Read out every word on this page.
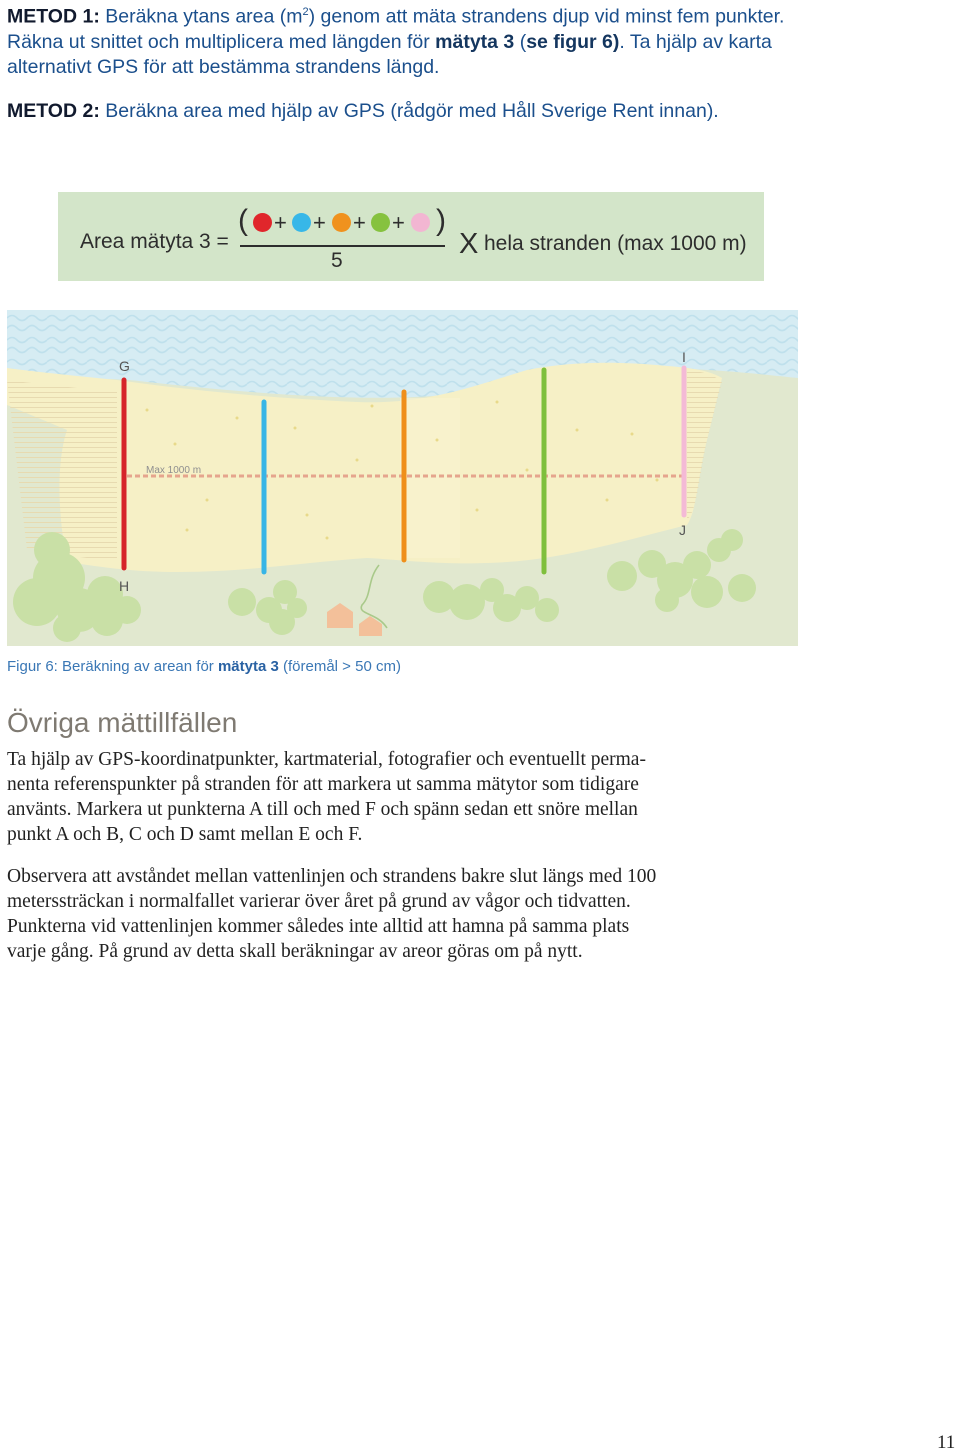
METOD 1: Beräkna ytans area $(m^2)$ genom att mäta strandens djup vid minst fem punkter. Räkna ut snittet och multiplicera med längden för mätyta 3 (se figur 6). Ta hjälp av karta alternativt GPS för att bestämma strandens längd.
METOD 2: Beräkna area med hjälp av GPS (rådgör med Håll Sverige Rent innan).
Area mätyta 3 =
( + + + + )
5
X hela stranden (max 1000 m)
Max 1000 m
G
H
I
J
Figur 6: Beräkning av arean för mätyta 3 (föremål > 50 cm)
Övriga mättillfällen
Ta hjälp av GPS-koordinatpunkter, kartmaterial, fotografier och eventuellt perma-
nenta referenspunkter på stranden för att markera ut samma mätytor som tidigare
använts. Markera ut punkterna A till och med F och spänn sedan ett snöre mellan
punkt A och B, C och D samt mellan E och F.
Observera att avståndet mellan vattenlinjen och strandens bakre slut längs med 100
meterssträckan i normalfallet varierar över året på grund av vågor och tidvatten.
Punkterna vid vattenlinjen kommer således inte alltid att hamna på samma plats
varje gång. På grund av detta skall beräkningar av areor göras om på nytt.
11
